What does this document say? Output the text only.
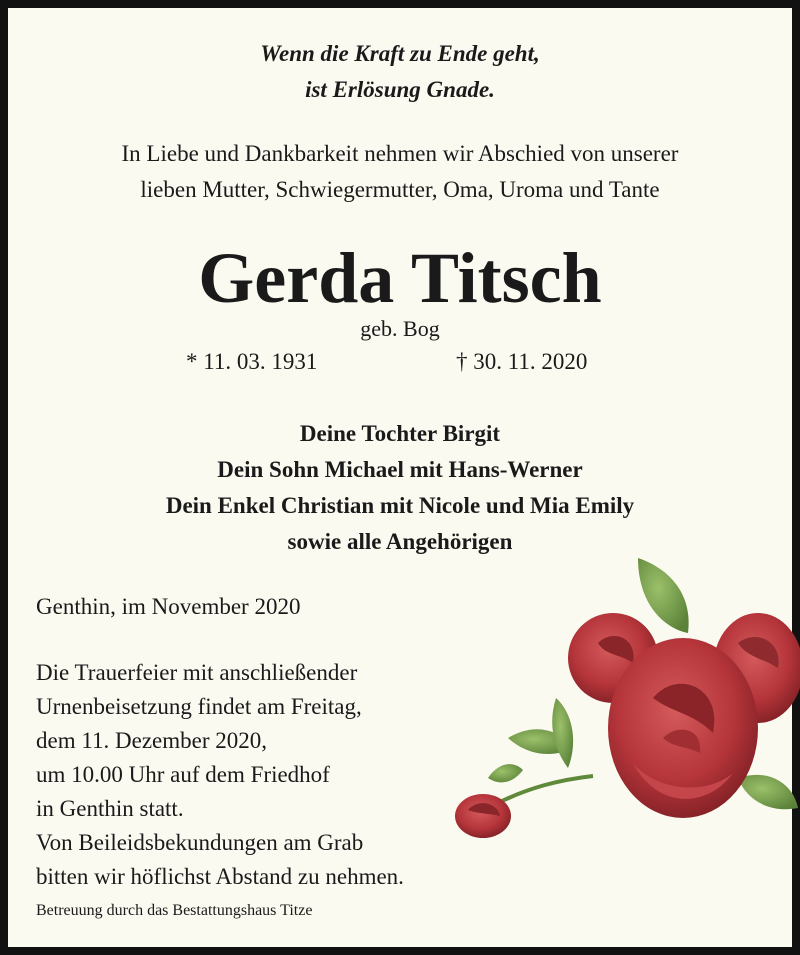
Wenn die Kraft zu Ende geht,
ist Erlösung Gnade.
In Liebe und Dankbarkeit nehmen wir Abschied von unserer
lieben Mutter, Schwiegermutter, Oma, Uroma und Tante
Gerda Titsch
geb. Bog
* 11. 03. 1931	† 30. 11. 2020
Deine Tochter Birgit
Dein Sohn Michael mit Hans-Werner
Dein Enkel Christian mit Nicole und Mia Emily
sowie alle Angehörigen
Genthin, im November 2020
Die Trauerfeier mit anschließender
Urnenbeisetzung findet am Freitag,
dem 11. Dezember 2020,
um 10.00 Uhr auf dem Friedhof
in Genthin statt.
Von Beileidsbekundungen am Grab
bitten wir höflichst Abstand zu nehmen.
Betreuung durch das Bestattungshaus Titze
